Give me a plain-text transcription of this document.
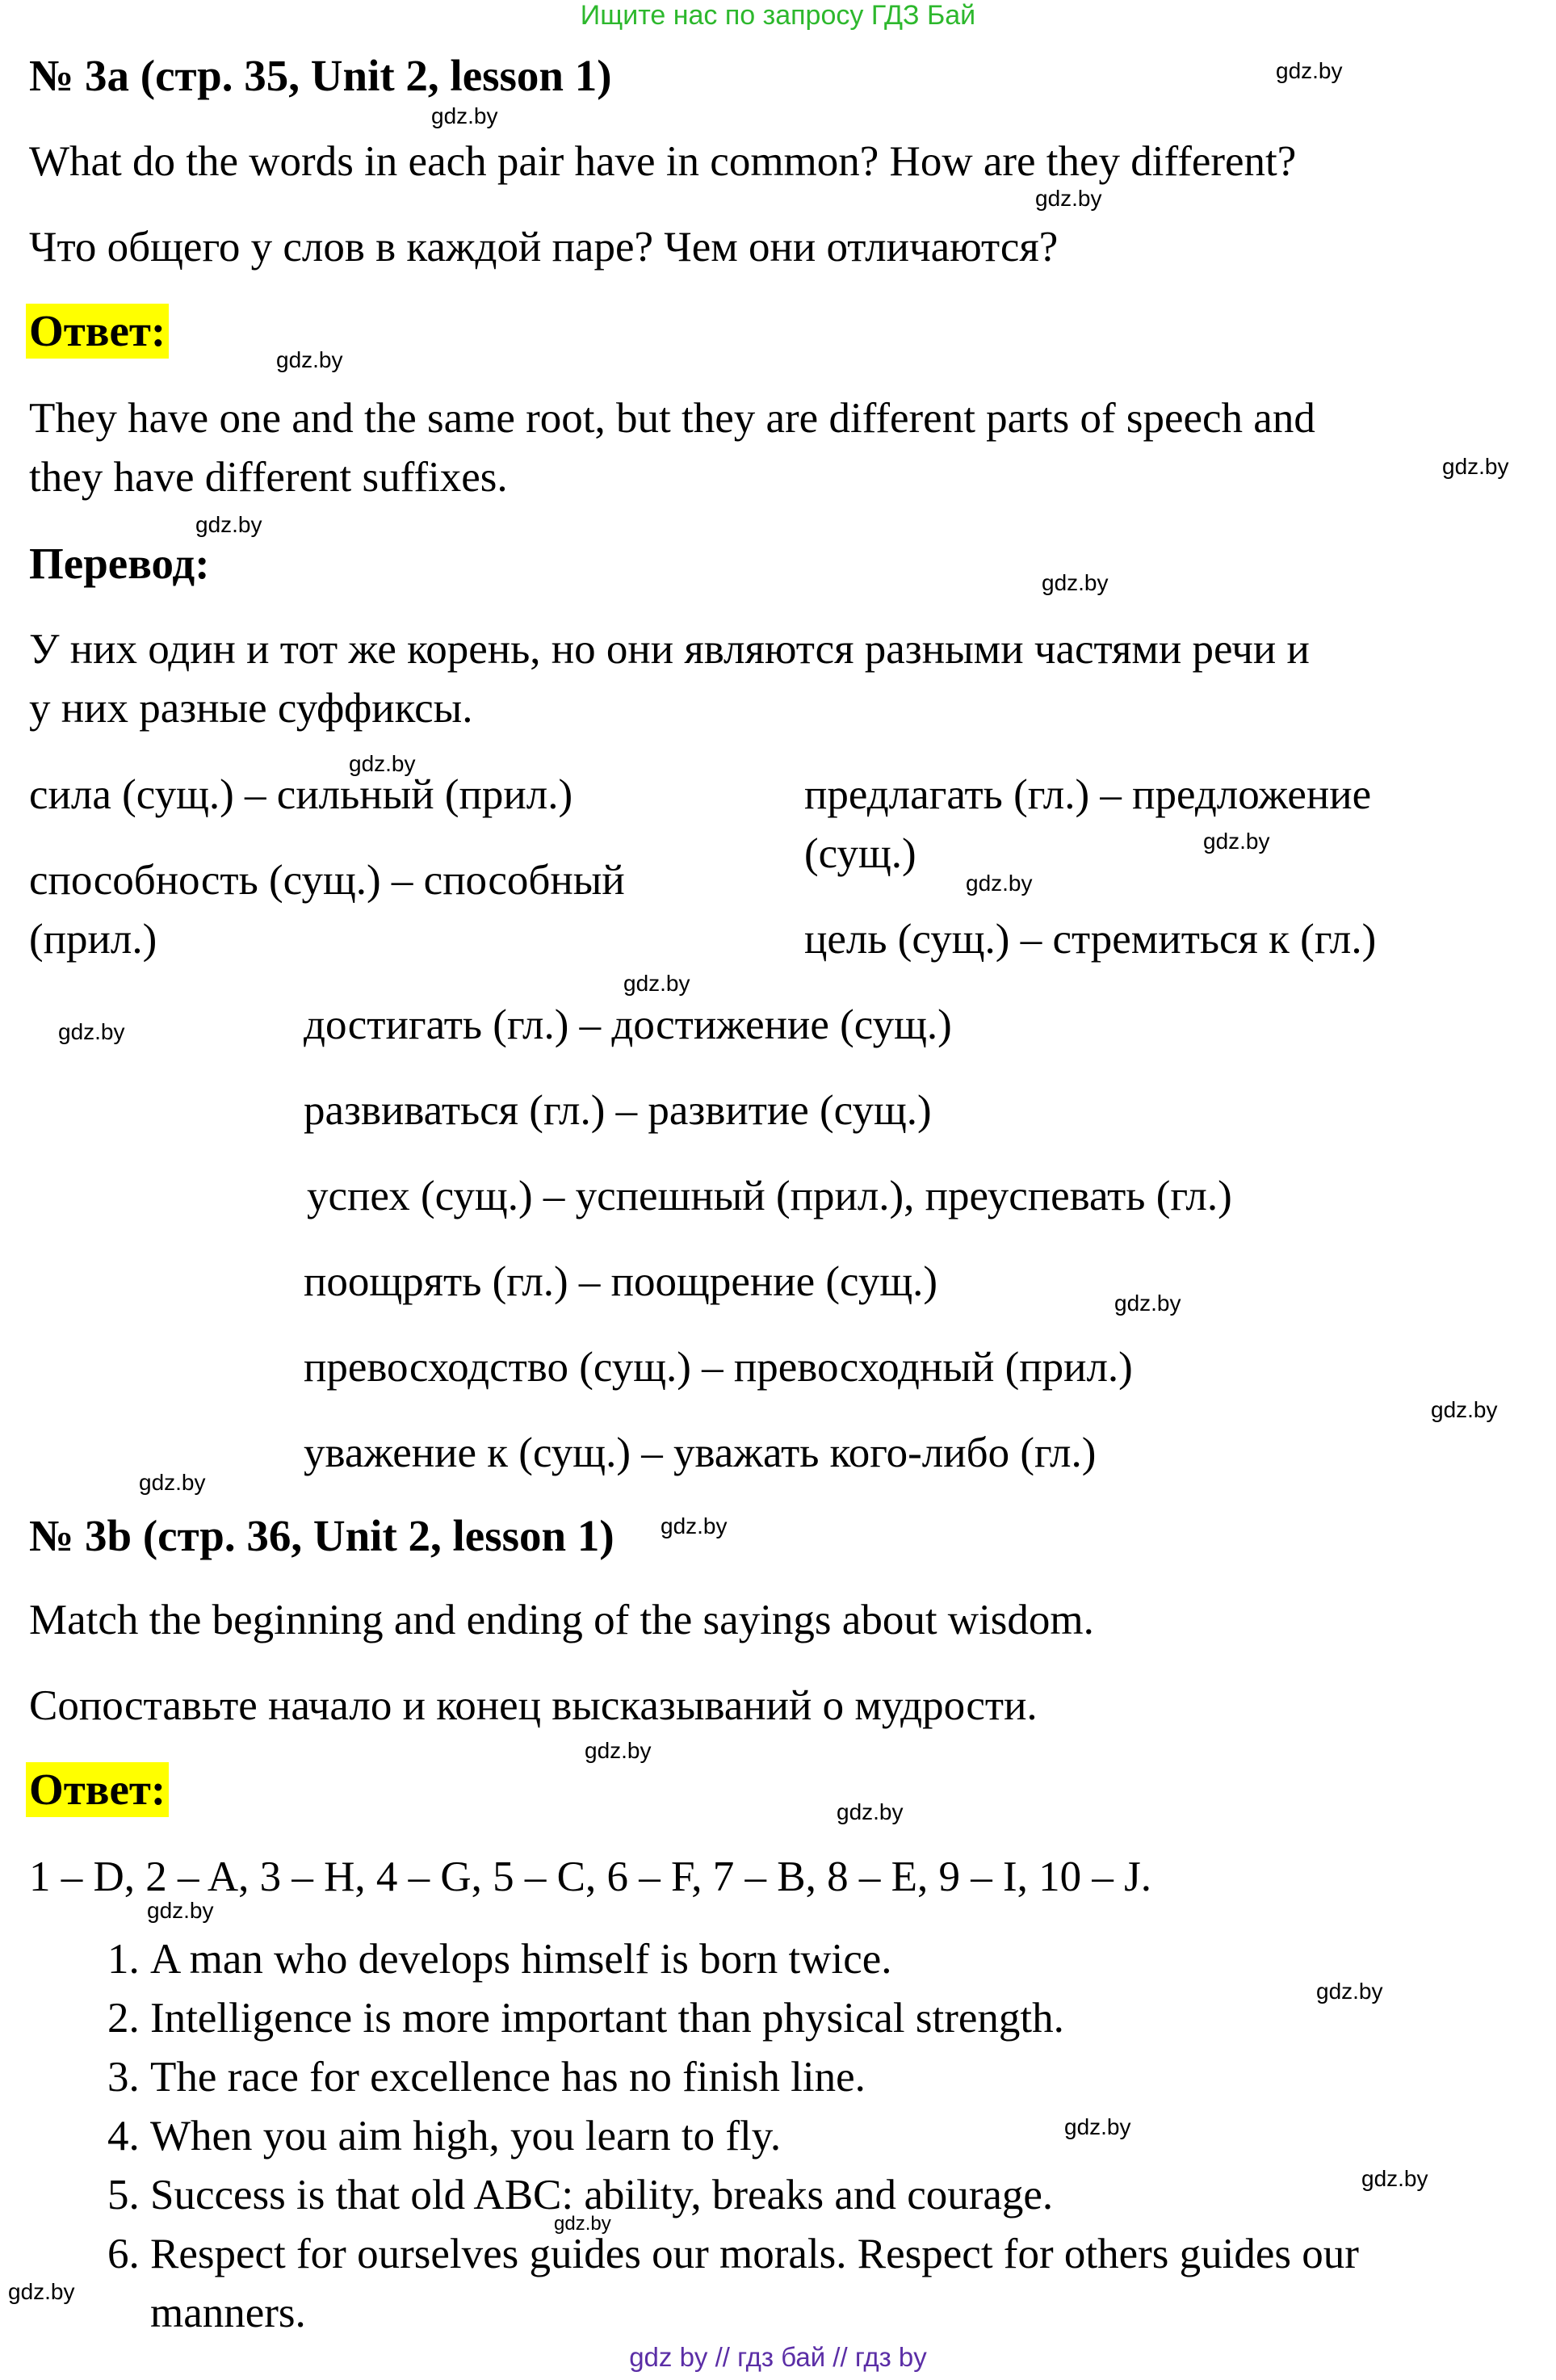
Ищите нас по запросу ГДЗ Бай
№ 3a (стр. 35, Unit 2, lesson 1)
What do the words in each pair have in common? How are they different?
Что общего у слов в каждой паре? Чем они отличаются?
Ответ:
They have one and the same root, but they are different parts of speech and
they have different suffixes.
Перевод:
У них один и тот же корень, но они являются разными частями речи и
у них разные суффиксы.
сила (сущ.) – сильный (прил.)
способность (сущ.) – способный
(прил.)
предлагать (гл.) – предложение
(сущ.)
цель (сущ.) – стремиться к (гл.)
достигать (гл.) – достижение (сущ.)
развиваться (гл.) – развитие (сущ.)
успех (сущ.) – успешный (прил.), преуспевать (гл.)
поощрять (гл.) – поощрение (сущ.)
превосходство (сущ.) – превосходный (прил.)
уважение к (сущ.) – уважать кого-либо (гл.)
№ 3b (стр. 36, Unit 2, lesson 1)
Match the beginning and ending of the sayings about wisdom.
Сопоставьте начало и конец высказываний о мудрости.
Ответ:
1 – D, 2 – A, 3 – H, 4 – G, 5 – C, 6 – F, 7 – B, 8 – E, 9 – I, 10 – J.
1. A man who develops himself is born twice.
2. Intelligence is more important than physical strength.
3. The race for excellence has no finish line.
4. When you aim high, you learn to fly.
5. Success is that old ABC: ability, breaks and courage.
6. Respect for ourselves guides our morals. Respect for others guides our manners.
gdz.by
gdz.by
gdz.by
gdz.by
gdz.by
gdz.by
gdz.by
gdz.by
gdz.by
gdz.by
gdz.by
gdz.by
gdz.by
gdz.by
gdz.by
gdz.by
gdz.by
gdz.by
gdz.by
gdz.by
gdz.by
gdz.by
gdz.by
gdz.by
gdz by // гдз бай // гдз by
